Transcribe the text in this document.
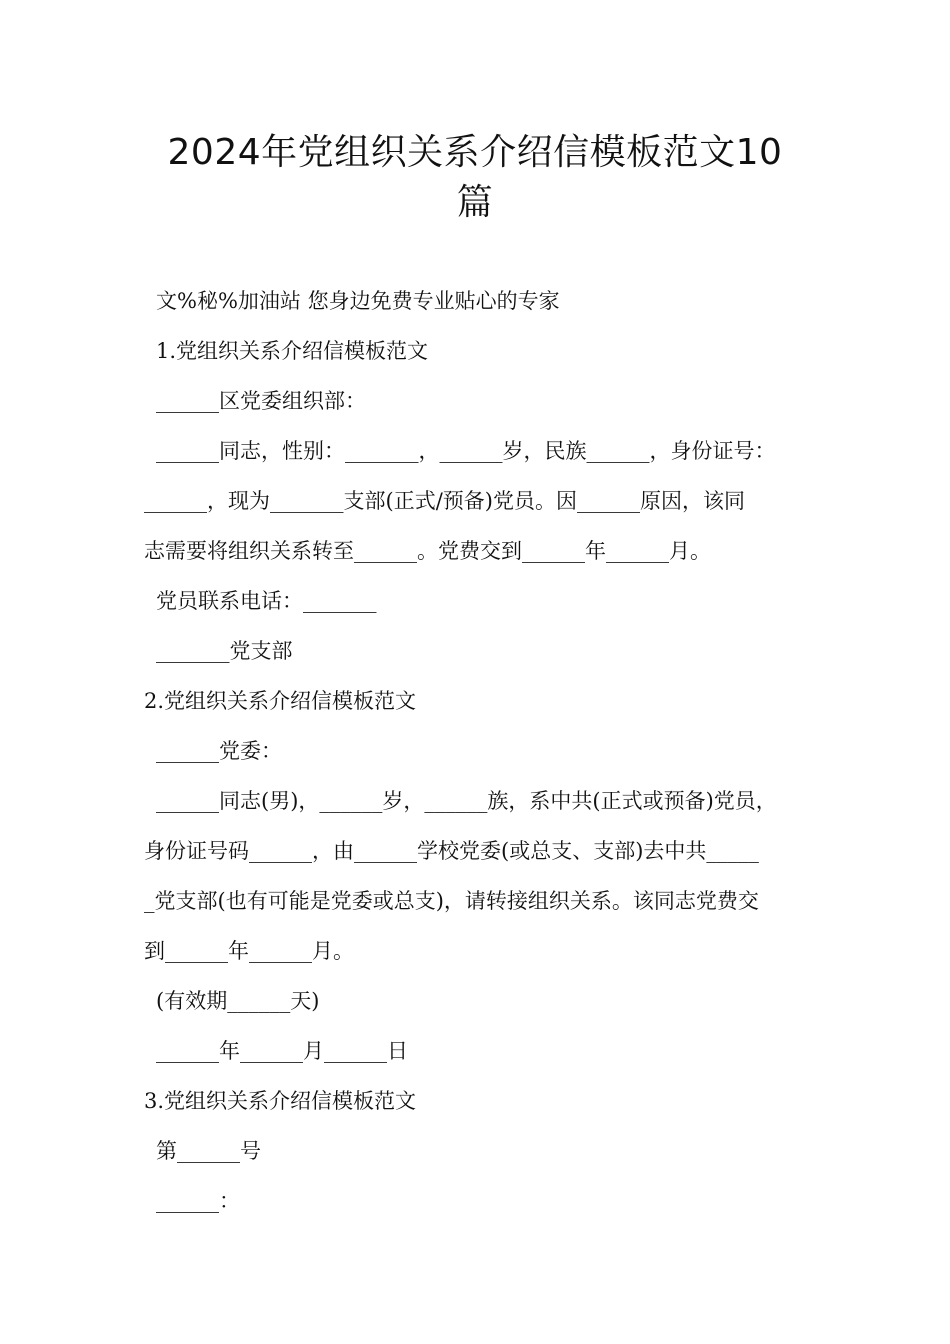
2024年党组织关系介绍信模板范文10
篇

文%秘%加油站 您身边免费专业贴心的专家

1.党组织关系介绍信模板范文

______区党委组织部：

______同志，性别：_______，______岁，民族______，身份证号：

______，现为_______支部(正式/预备)党员。因______原因，该同

志需要将组织关系转至______。党费交到______年______月。

党员联系电话：_______

_______党支部

2.党组织关系介绍信模板范文

______党委：

______同志(男)，______岁，______族，系中共(正式或预备)党员，

身份证号码______，由______学校党委(或总支、支部)去中共_____

_党支部(也有可能是党委或总支)，请转接组织关系。该同志党费交

到______年______月。

(有效期______天)

______年______月______日

3.党组织关系介绍信模板范文

第______号

______：
